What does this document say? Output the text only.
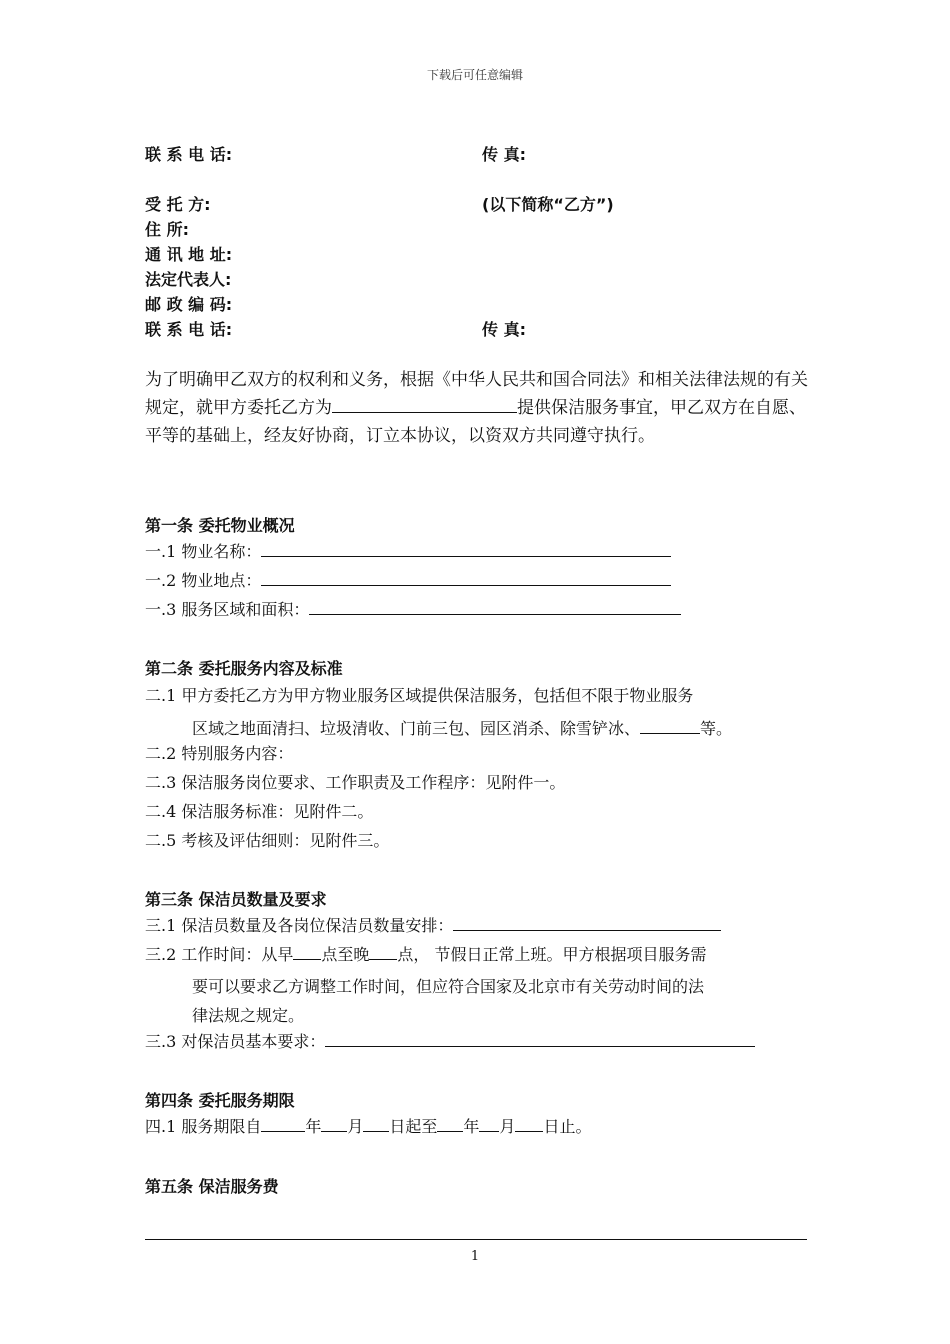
下载后可任意编辑
联 系 电 话:	传 真:
受 托 方:	(以下简称“乙方”)
住 所:
通 讯 地 址:
法定代表人:
邮 政 编 码:
联 系 电 话:	传 真:
为了明确甲乙双方的权利和义务，根据《中华人民共和国合同法》和相关法律法规的有关规定，就甲方委托乙方为	提供保洁服务事宜，甲乙双方在自愿、平等的基础上，经友好协商，订立本协议，以资双方共同遵守执行。
第一条 委托物业概况
一.1 物业名称：
一.2 物业地点：
一.3 服务区域和面积：
第二条 委托服务内容及标准
二.1 甲方委托乙方为甲方物业服务区域提供保洁服务，包括但不限于物业服务
区域之地面清扫、垃圾清收、门前三包、园区消杀、除雪铲冰、	等。
二.2 特别服务内容：
二.3 保洁服务岗位要求、工作职责及工作程序：见附件一。
二.4 保洁服务标准：见附件二。
二.5 考核及评估细则：见附件三。
第三条 保洁员数量及要求
三.1 保洁员数量及各岗位保洁员数量安排：
三.2 工作时间：从早 点至晚 点， 节假日正常上班。甲方根据项目服务需
要可以要求乙方调整工作时间，但应符合国家及北京市有关劳动时间的法
律法规之规定。
三.3 对保洁员基本要求：
第四条 委托服务期限
四.1 服务期限自	年 月 日起至 年 月 日止。
第五条 保洁服务费
1
